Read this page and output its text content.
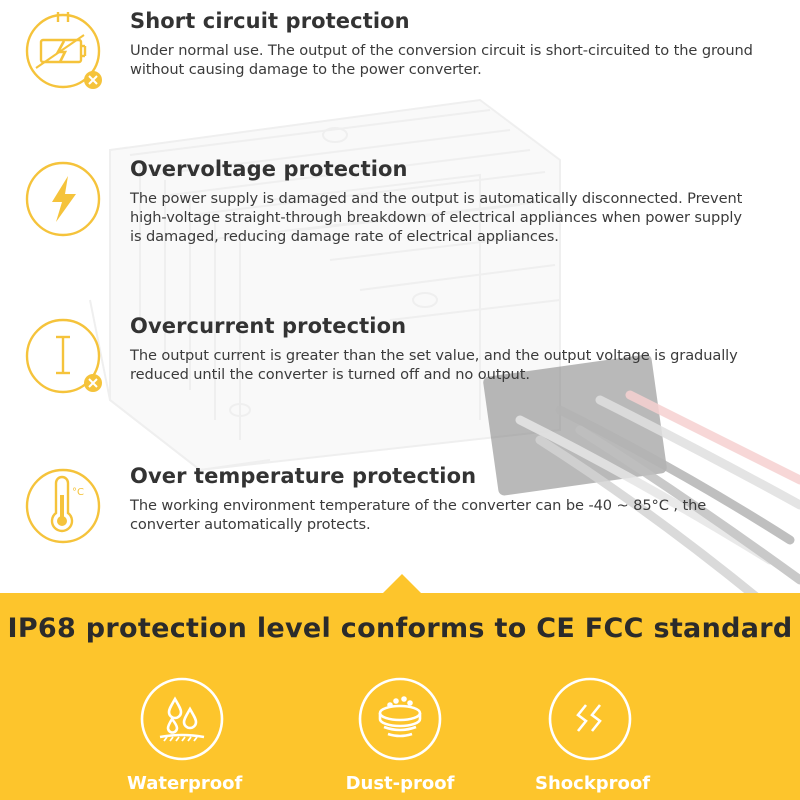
Short circuit protection

Under normal use. The output of the conversion circuit is short-circuited to the ground
without causing damage to the power converter.

Overvoltage protection

The power supply is damaged and the output is automatically disconnected. Prevent
high-voltage straight-through breakdown of electrical appliances when power supply
is damaged, reducing damage rate of electrical appliances.

Overcurrent protection

The output current is greater than the set value, and the output voltage is gradually
reduced until the converter is turned off and no output.

°C
Over temperature protection

The working environment temperature of the converter can be -40 ~ 85°C , the
converter automatically protects.

IP68 protection level conforms to CE FCC standard
Waterproof	Dust-proof	Shockproof
